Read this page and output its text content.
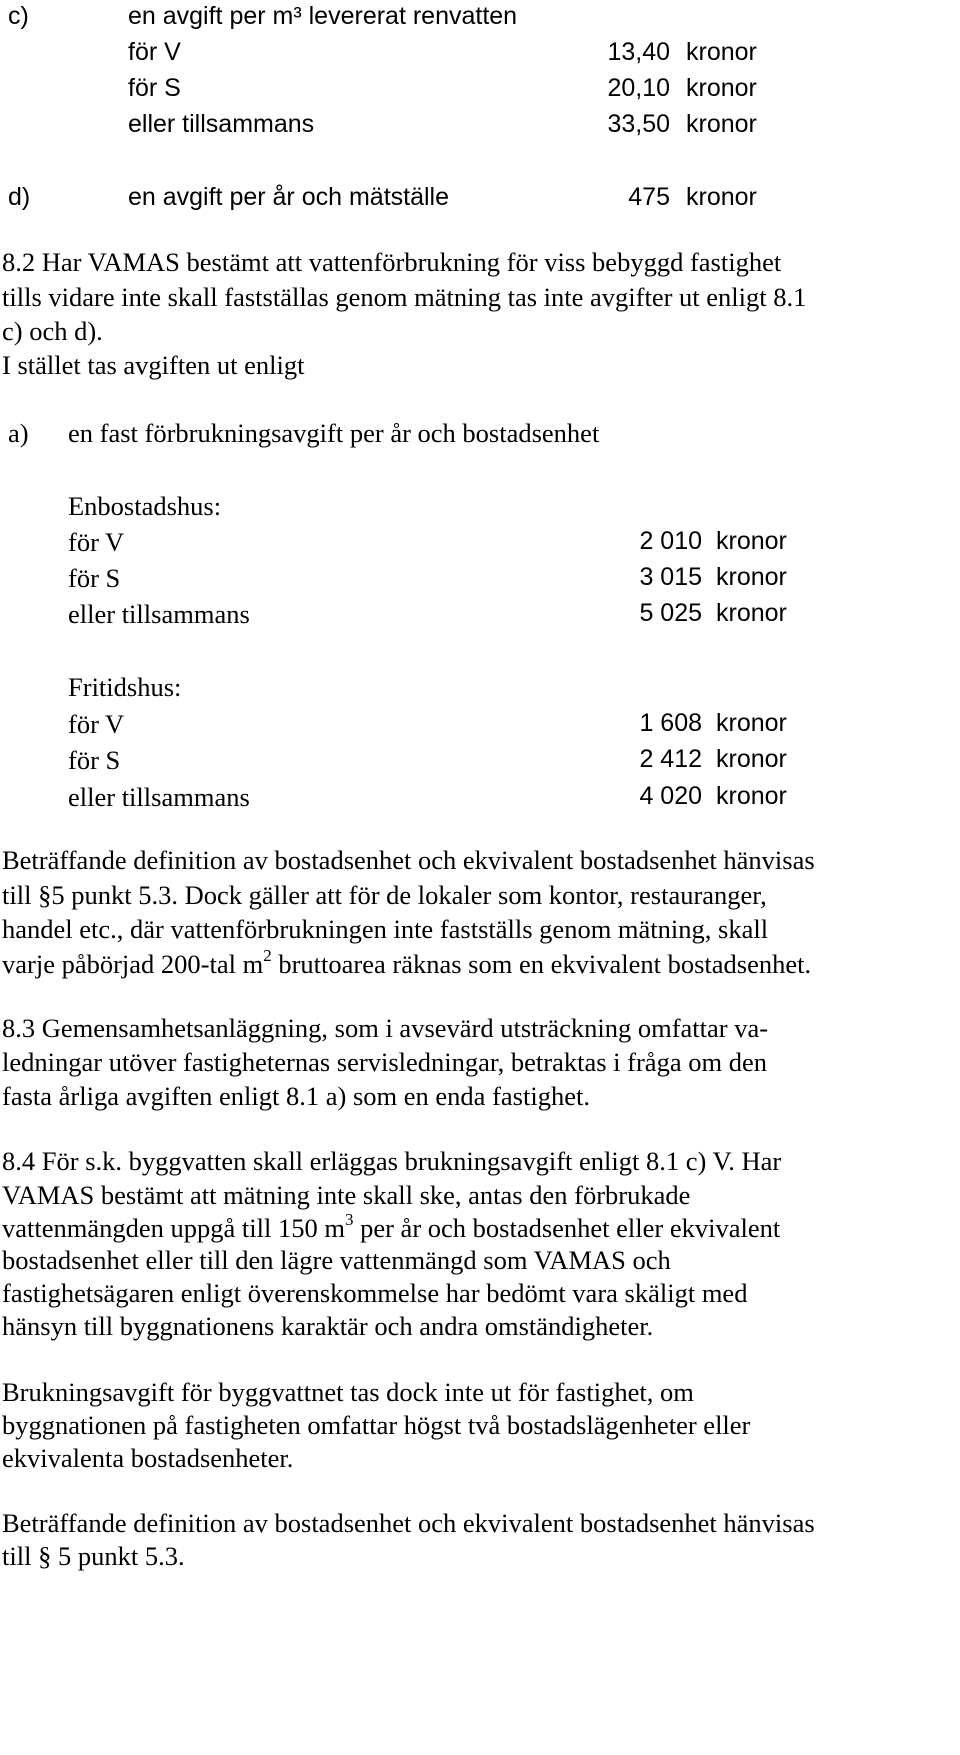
c)	en avgift per m³ levererat renvatten
för V	13,40 kronor
för S	20,10 kronor
eller tillsammans	33,50 kronor
d)	en avgift per år och mätställe	475 kronor
8.2 Har VAMAS bestämt att vattenförbrukning för viss bebyggd fastighet
tills vidare inte skall fastställas genom mätning tas inte avgifter ut enligt 8.1
c) och d).
I stället tas avgiften ut enligt
a) en fast förbrukningsavgift per år och bostadsenhet
Enbostadshus:
för V	2 010 kronor
för S	3 015 kronor
eller tillsammans	5 025 kronor
Fritidshus:
för V	1 608 kronor
för S	2 412 kronor
eller tillsammans	4 020 kronor
Beträffande definition av bostadsenhet och ekvivalent bostadsenhet hänvisas
till §5 punkt 5.3. Dock gäller att för de lokaler som kontor, restauranger,
handel etc., där vattenförbrukningen inte fastställs genom mätning, skall
varje påbörjad 200-tal $m^2$ bruttoarea räknas som en ekvivalent bostadsenhet.
8.3 Gemensamhetsanläggning, som i avsevärd utsträckning omfattar va-
ledningar utöver fastigheternas servisledningar, betraktas i fråga om den
fasta årliga avgiften enligt 8.1 a) som en enda fastighet.
8.4 För s.k. byggvatten skall erläggas brukningsavgift enligt 8.1 c) V. Har
VAMAS bestämt att mätning inte skall ske, antas den förbrukade
vattenmängden uppgå till 150 $m^3$ per år och bostadsenhet eller ekvivalent
bostadsenhet eller till den lägre vattenmängd som VAMAS och
fastighetsägaren enligt överenskommelse har bedömt vara skäligt med
hänsyn till byggnationens karaktär och andra omständigheter.
Brukningsavgift för byggvattnet tas dock inte ut för fastighet, om
byggnationen på fastigheten omfattar högst två bostadslägenheter eller
ekvivalenta bostadsenheter.
Beträffande definition av bostadsenhet och ekvivalent bostadsenhet hänvisas
till § 5 punkt 5.3.
